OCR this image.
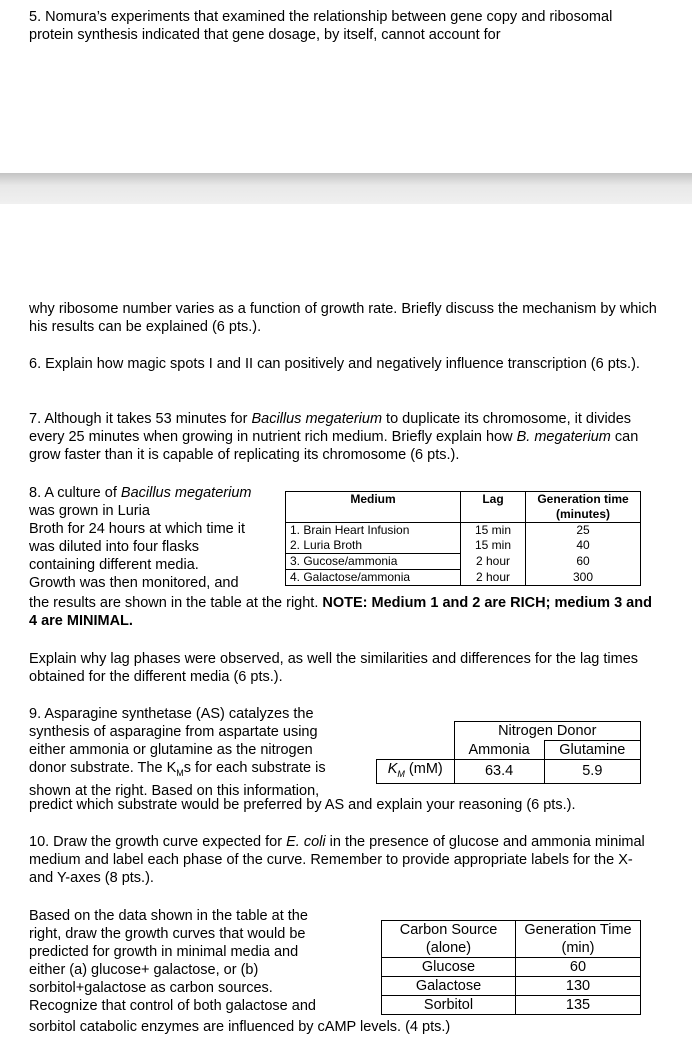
5. Nomura’s experiments that examined the relationship between gene copy and ribosomal protein synthesis indicated that gene dosage, by itself, cannot account for

why ribosome number varies as a function of growth rate. Briefly discuss the mechanism by which his results can be explained (6 pts.).

6. Explain how magic spots I and II can positively and negatively influence transcription (6 pts.).

7. Although it takes 53 minutes for Bacillus megaterium to duplicate its chromosome, it divides every 25 minutes when growing in nutrient rich medium. Briefly explain how B. megaterium can grow faster than it is capable of replicating its chromosome (6 pts.).

8. A culture of Bacillus megaterium was grown in Luria
Broth for 24 hours at which time it
was diluted into four flasks
containing different media.
Growth was then monitored, and

the results are shown in the table at the right. NOTE: Medium 1 and 2 are RICH; medium 3 and 4 are MINIMAL.

Medium	Lag	Generation time (minutes)
1. Brain Heart Infusion	15 min	25
2. Luria Broth	15 min	40
3. Gucose/ammonia	2 hour	60
4. Galactose/ammonia	2 hour	300

Explain why lag phases were observed, as well the similarities and differences for the lag times obtained for the different media (6 pts.).

9. Asparagine synthetase (AS) catalyzes the
synthesis of asparagine from aspartate using
either ammonia or glutamine as the nitrogen
donor substrate. The $K_Ms$ for each substrate is
shown at the right. Based on this information,

predict which substrate would be preferred by AS and explain your reasoning (6 pts.).

	Nitrogen Donor	
	Ammonia	Glutamine
$K_M$ (mM)	63.4	5.9

10. Draw the growth curve expected for E. coli in the presence of glucose and ammonia minimal medium and label each phase of the curve. Remember to provide appropriate labels for the X- and Y-axes (8 pts.).

Based on the data shown in the table at the
right, draw the growth curves that would be
predicted for growth in minimal media and
either (a) glucose+ galactose, or (b)
sorbitol+galactose as carbon sources.
Recognize that control of both galactose and

sorbitol catabolic enzymes are influenced by cAMP levels. (4 pts.)

Carbon Source (alone)	Generation Time (min)
Glucose	60
Galactose	130
Sorbitol	135
